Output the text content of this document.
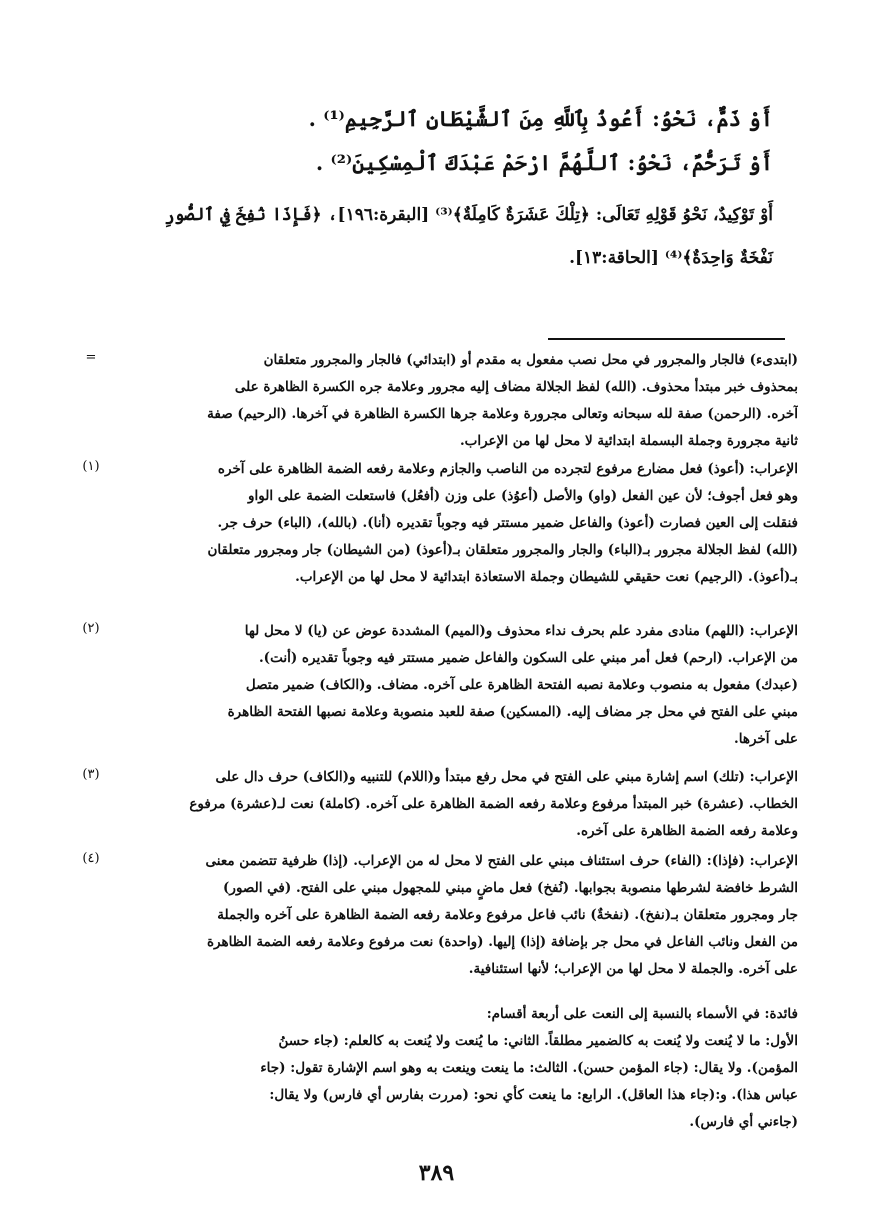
أَوْ ذَمٌّ، نَحْوُ: أَعُوذُ بِٱللَّهِ مِنَ ٱلشَّيْطَانِ ٱلرَّجِيمِ⁽¹⁾ .
أَوْ تَرَحُّمٌ، نَحْوُ: ٱللَّهُمَّ ارْحَمْ عَبْدَكَ ٱلْمِسْكِينَ⁽²⁾ .
أَوْ تَوْكِيدٌ، نَحْوُ قَوْلِهِ تَعَالَى: ﴿تِلْكَ عَشَرَةٌ كَامِلَةٌ﴾⁽³⁾ [البقرة:١٩٦]، ﴿فَإِذَا نُفِخَ فِي ٱلصُّورِ
نَفْخَةٌ وَاحِدَةٌ﴾⁽⁴⁾ [الحاقة:١٣].
=	(ابتدىء) فالجار والمجرور في محل نصب مفعول به مقدم أو (ابتدائي) فالجار والمجرور متعلقان

بمحذوف خبر مبتدأ محذوف. (الله) لفظ الجلالة مضاف إليه مجرور وعلامة جره الكسرة الظاهرة على

آخره. (الرحمن) صفة لله سبحانه وتعالى مجرورة وعلامة جرها الكسرة الظاهرة في آخرها. (الرحيم) صفة

ثانية مجرورة وجملة البسملة ابتدائية لا محل لها من الإعراب.

(١)	الإعراب: (أعوذ) فعل مضارع مرفوع لتجرده من الناصب والجازم وعلامة رفعه الضمة الظاهرة على آخره

وهو فعل أجوف؛ لأن عين الفعل (واو) والأصل (أعوُذ) على وزن (أفعُل) فاستعلت الضمة على الواو

فنقلت إلى العين فصارت (أعوذ) والفاعل ضمير مستتر فيه وجوباً تقديره (أنا). (بالله)، (الباء) حرف جر.

(الله) لفظ الجلالة مجرور بـ(الباء) والجار والمجرور متعلقان بـ(أعوذ) (من الشيطان) جار ومجرور متعلقان

بـ(أعوذ). (الرجيم) نعت حقيقي للشيطان وجملة الاستعاذة ابتدائية لا محل لها من الإعراب.

(٢)	الإعراب: (اللهم) منادى مفرد علم بحرف نداء محذوف و(الميم) المشددة عوض عن (يا) لا محل لها

من الإعراب. (ارحم) فعل أمر مبني على السكون والفاعل ضمير مستتر فيه وجوباً تقديره (أنت).

(عبدك) مفعول به منصوب وعلامة نصبه الفتحة الظاهرة على آخره. مضاف. و(الكاف) ضمير متصل

مبني على الفتح في محل جر مضاف إليه. (المسكين) صفة للعبد منصوبة وعلامة نصبها الفتحة الظاهرة

على آخرها.

(٣)	الإعراب: (تلك) اسم إشارة مبني على الفتح في محل رفع مبتدأ و(اللام) للتنبيه و(الكاف) حرف دال على

الخطاب. (عشرة) خبر المبتدأ مرفوع وعلامة رفعه الضمة الظاهرة على آخره. (كاملة) نعت لـ(عشرة) مرفوع

وعلامة رفعه الضمة الظاهرة على آخره.

(٤)	الإعراب: (فإذا): (الفاء) حرف استئناف مبني على الفتح لا محل له من الإعراب. (إذا) ظرفية تتضمن معنى

الشرط خافضة لشرطها منصوبة بجوابها. (نُفخ) فعل ماضٍ مبني للمجهول مبني على الفتح. (في الصور)

جار ومجرور متعلقان بـ(نفخ). (نفخةٌ) نائب فاعل مرفوع وعلامة رفعه الضمة الظاهرة على آخره والجملة

من الفعل ونائب الفاعل في محل جر بإضافة (إذا) إليها. (واحدة) نعت مرفوع وعلامة رفعه الضمة الظاهرة

على آخره. والجملة لا محل لها من الإعراب؛ لأنها استئنافية.

فائدة: في الأسماء بالنسبة إلى النعت على أربعة أقسام:

الأول: ما لا يُنعت ولا يُنعت به كالضمير مطلقاً. الثاني: ما يُنعت ولا يُنعت به كالعلم: (جاء حسنُ

المؤمن). ولا يقال: (جاء المؤمن حسن). الثالث: ما ينعت وينعت به وهو اسم الإشارة تقول: (جاء

عباس هذا). و:(جاء هذا العاقل). الرابع: ما ينعت كأي نحو: (مررت بفارس أي فارس) ولا يقال:

(جاءني أي فارس).

٣٨٩
